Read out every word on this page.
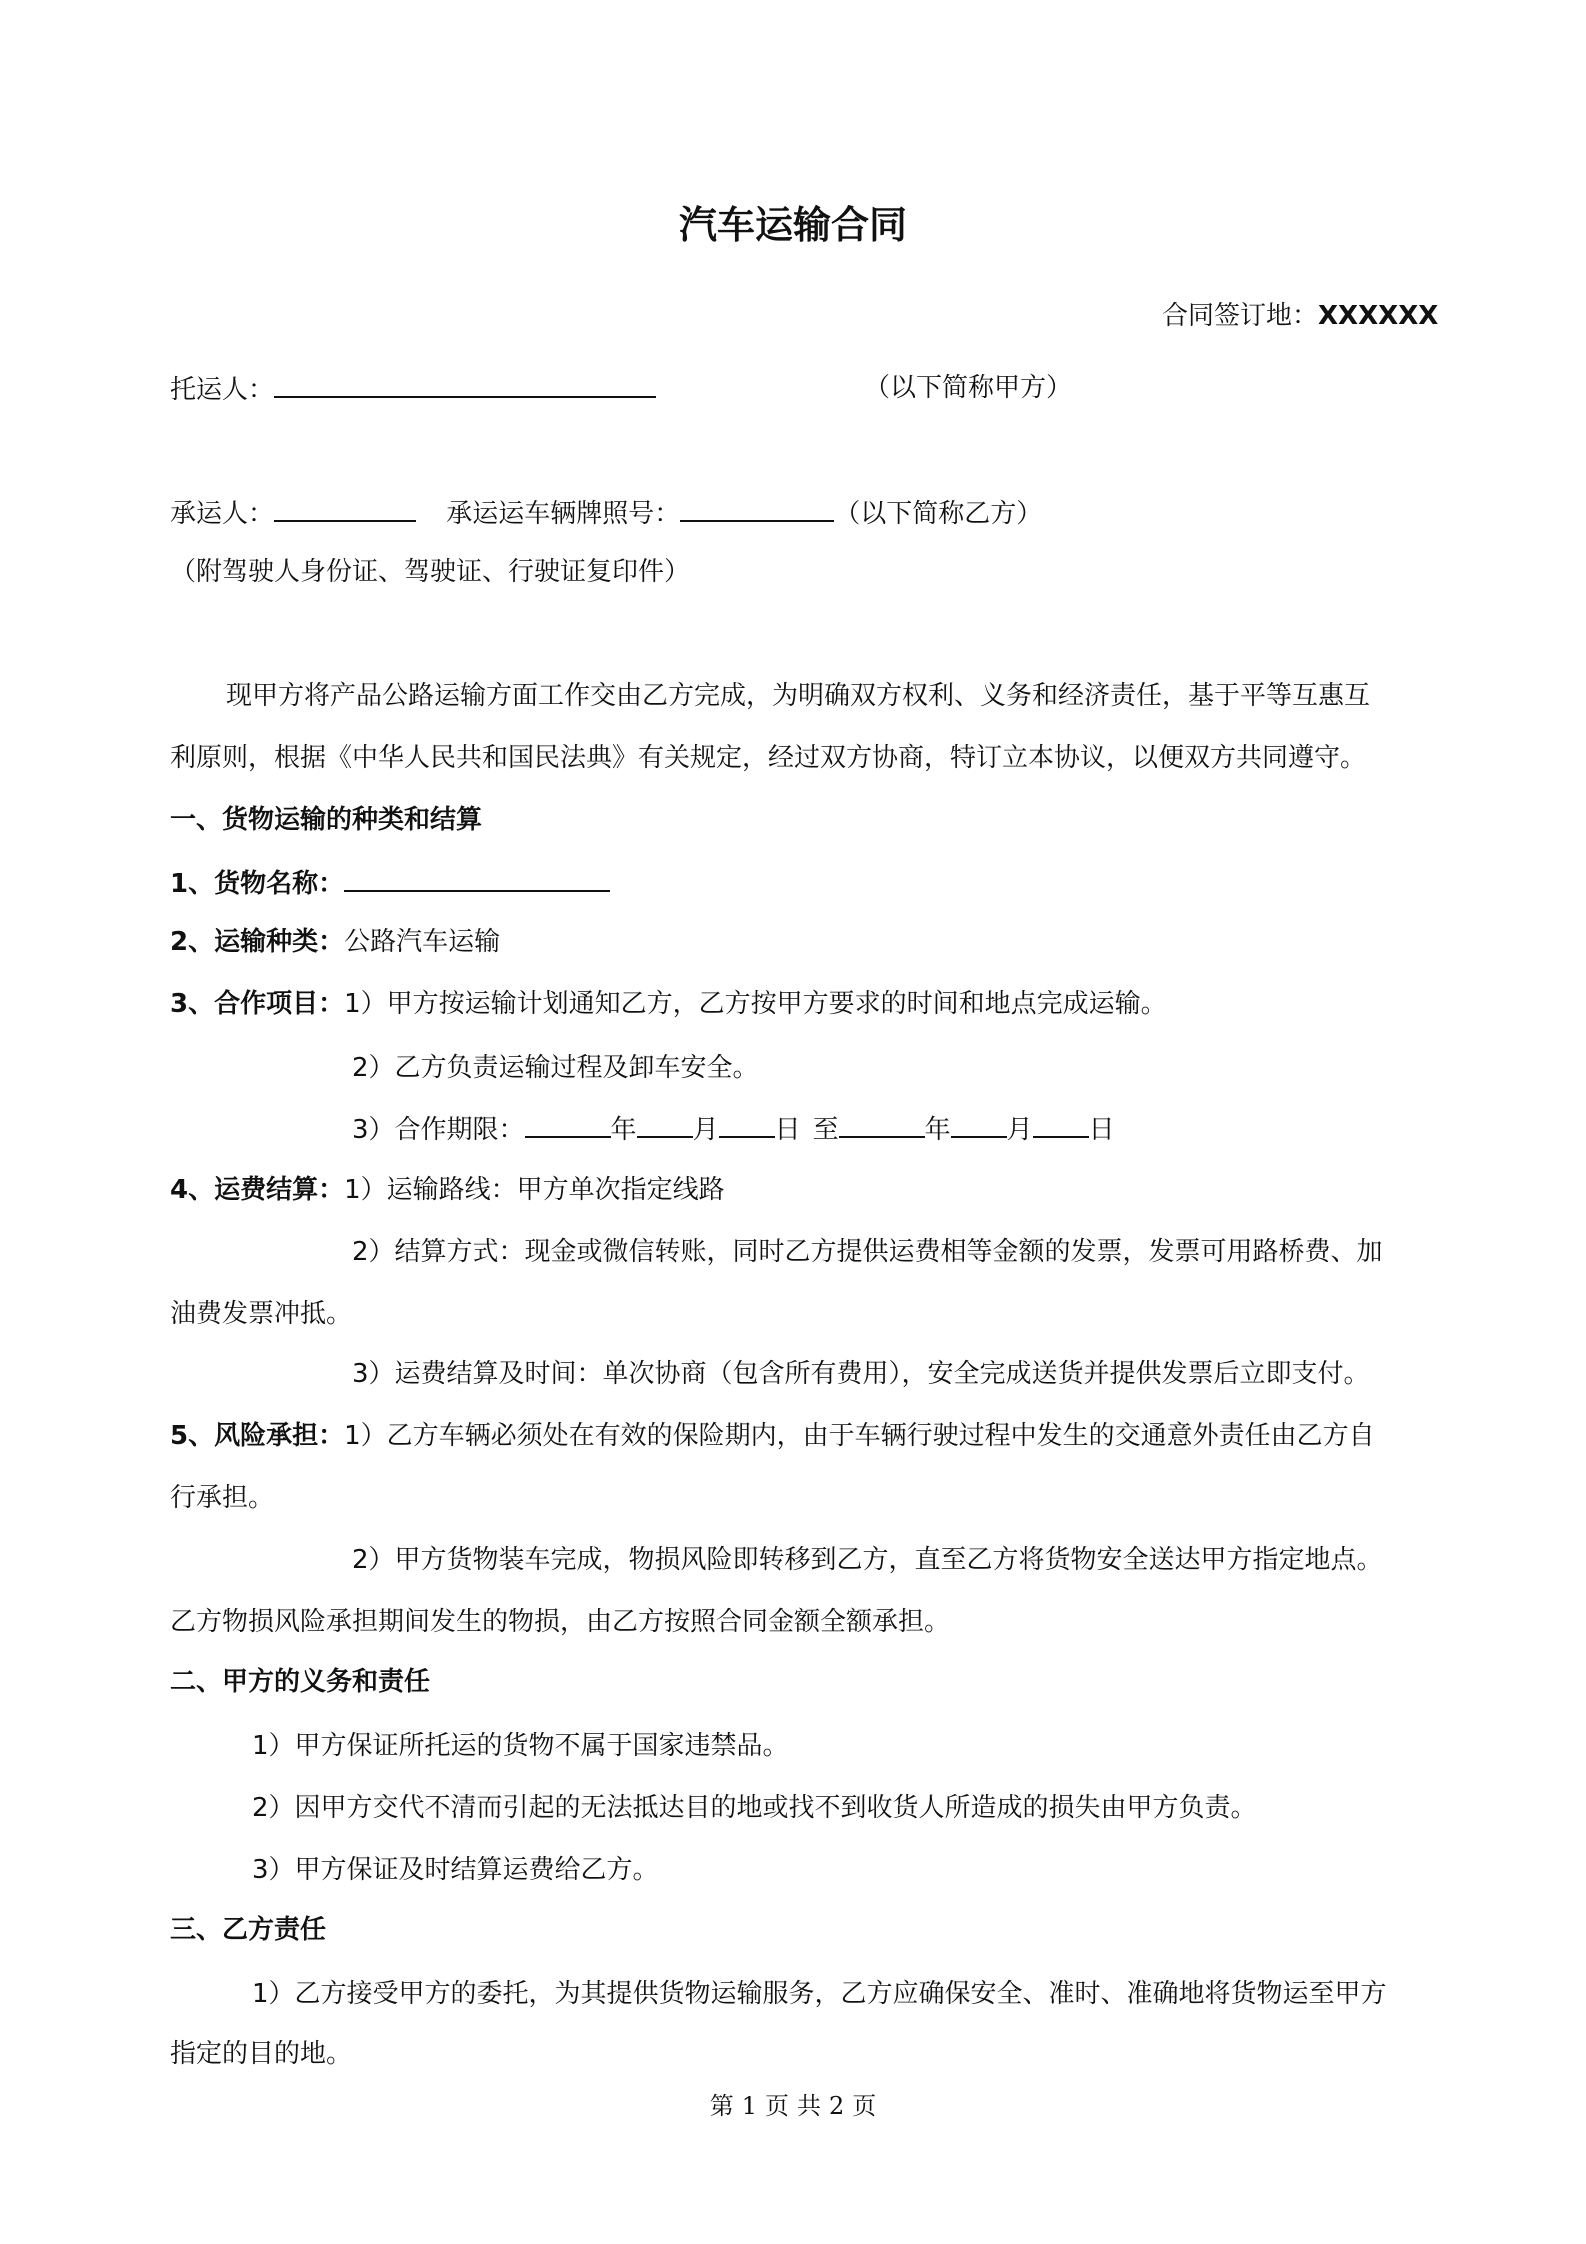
汽车运输合同
合同签订地：XXXXXX
托运人：	（以下简称甲方）
承运人：	承运运车辆牌照号：	（以下简称乙方）
（附驾驶人身份证、驾驶证、行驶证复印件）
现甲方将产品公路运输方面工作交由乙方完成，为明确双方权利、义务和经济责任，基于平等互惠互
利原则，根据《中华人民共和国民法典》有关规定，经过双方协商，特订立本协议，以便双方共同遵守。
一、货物运输的种类和结算
1、货物名称：
2、运输种类：公路汽车运输
3、合作项目：1）甲方按运输计划通知乙方，乙方按甲方要求的时间和地点完成运输。
2）乙方负责运输过程及卸车安全。
3）合作期限：	年 月 日 至	年 月 日
4、运费结算：1）运输路线：甲方单次指定线路
2）结算方式：现金或微信转账，同时乙方提供运费相等金额的发票，发票可用路桥费、加
油费发票冲抵。
3）运费结算及时间：单次协商（包含所有费用），安全完成送货并提供发票后立即支付。
5、风险承担：1）乙方车辆必须处在有效的保险期内，由于车辆行驶过程中发生的交通意外责任由乙方自
行承担。
2）甲方货物装车完成，物损风险即转移到乙方，直至乙方将货物安全送达甲方指定地点。
乙方物损风险承担期间发生的物损，由乙方按照合同金额全额承担。
二、甲方的义务和责任
1）甲方保证所托运的货物不属于国家违禁品。
2）因甲方交代不清而引起的无法抵达目的地或找不到收货人所造成的损失由甲方负责。
3）甲方保证及时结算运费给乙方。
三、乙方责任
1）乙方接受甲方的委托，为其提供货物运输服务，乙方应确保安全、准时、准确地将货物运至甲方
指定的目的地。
第 1 页 共 2 页
